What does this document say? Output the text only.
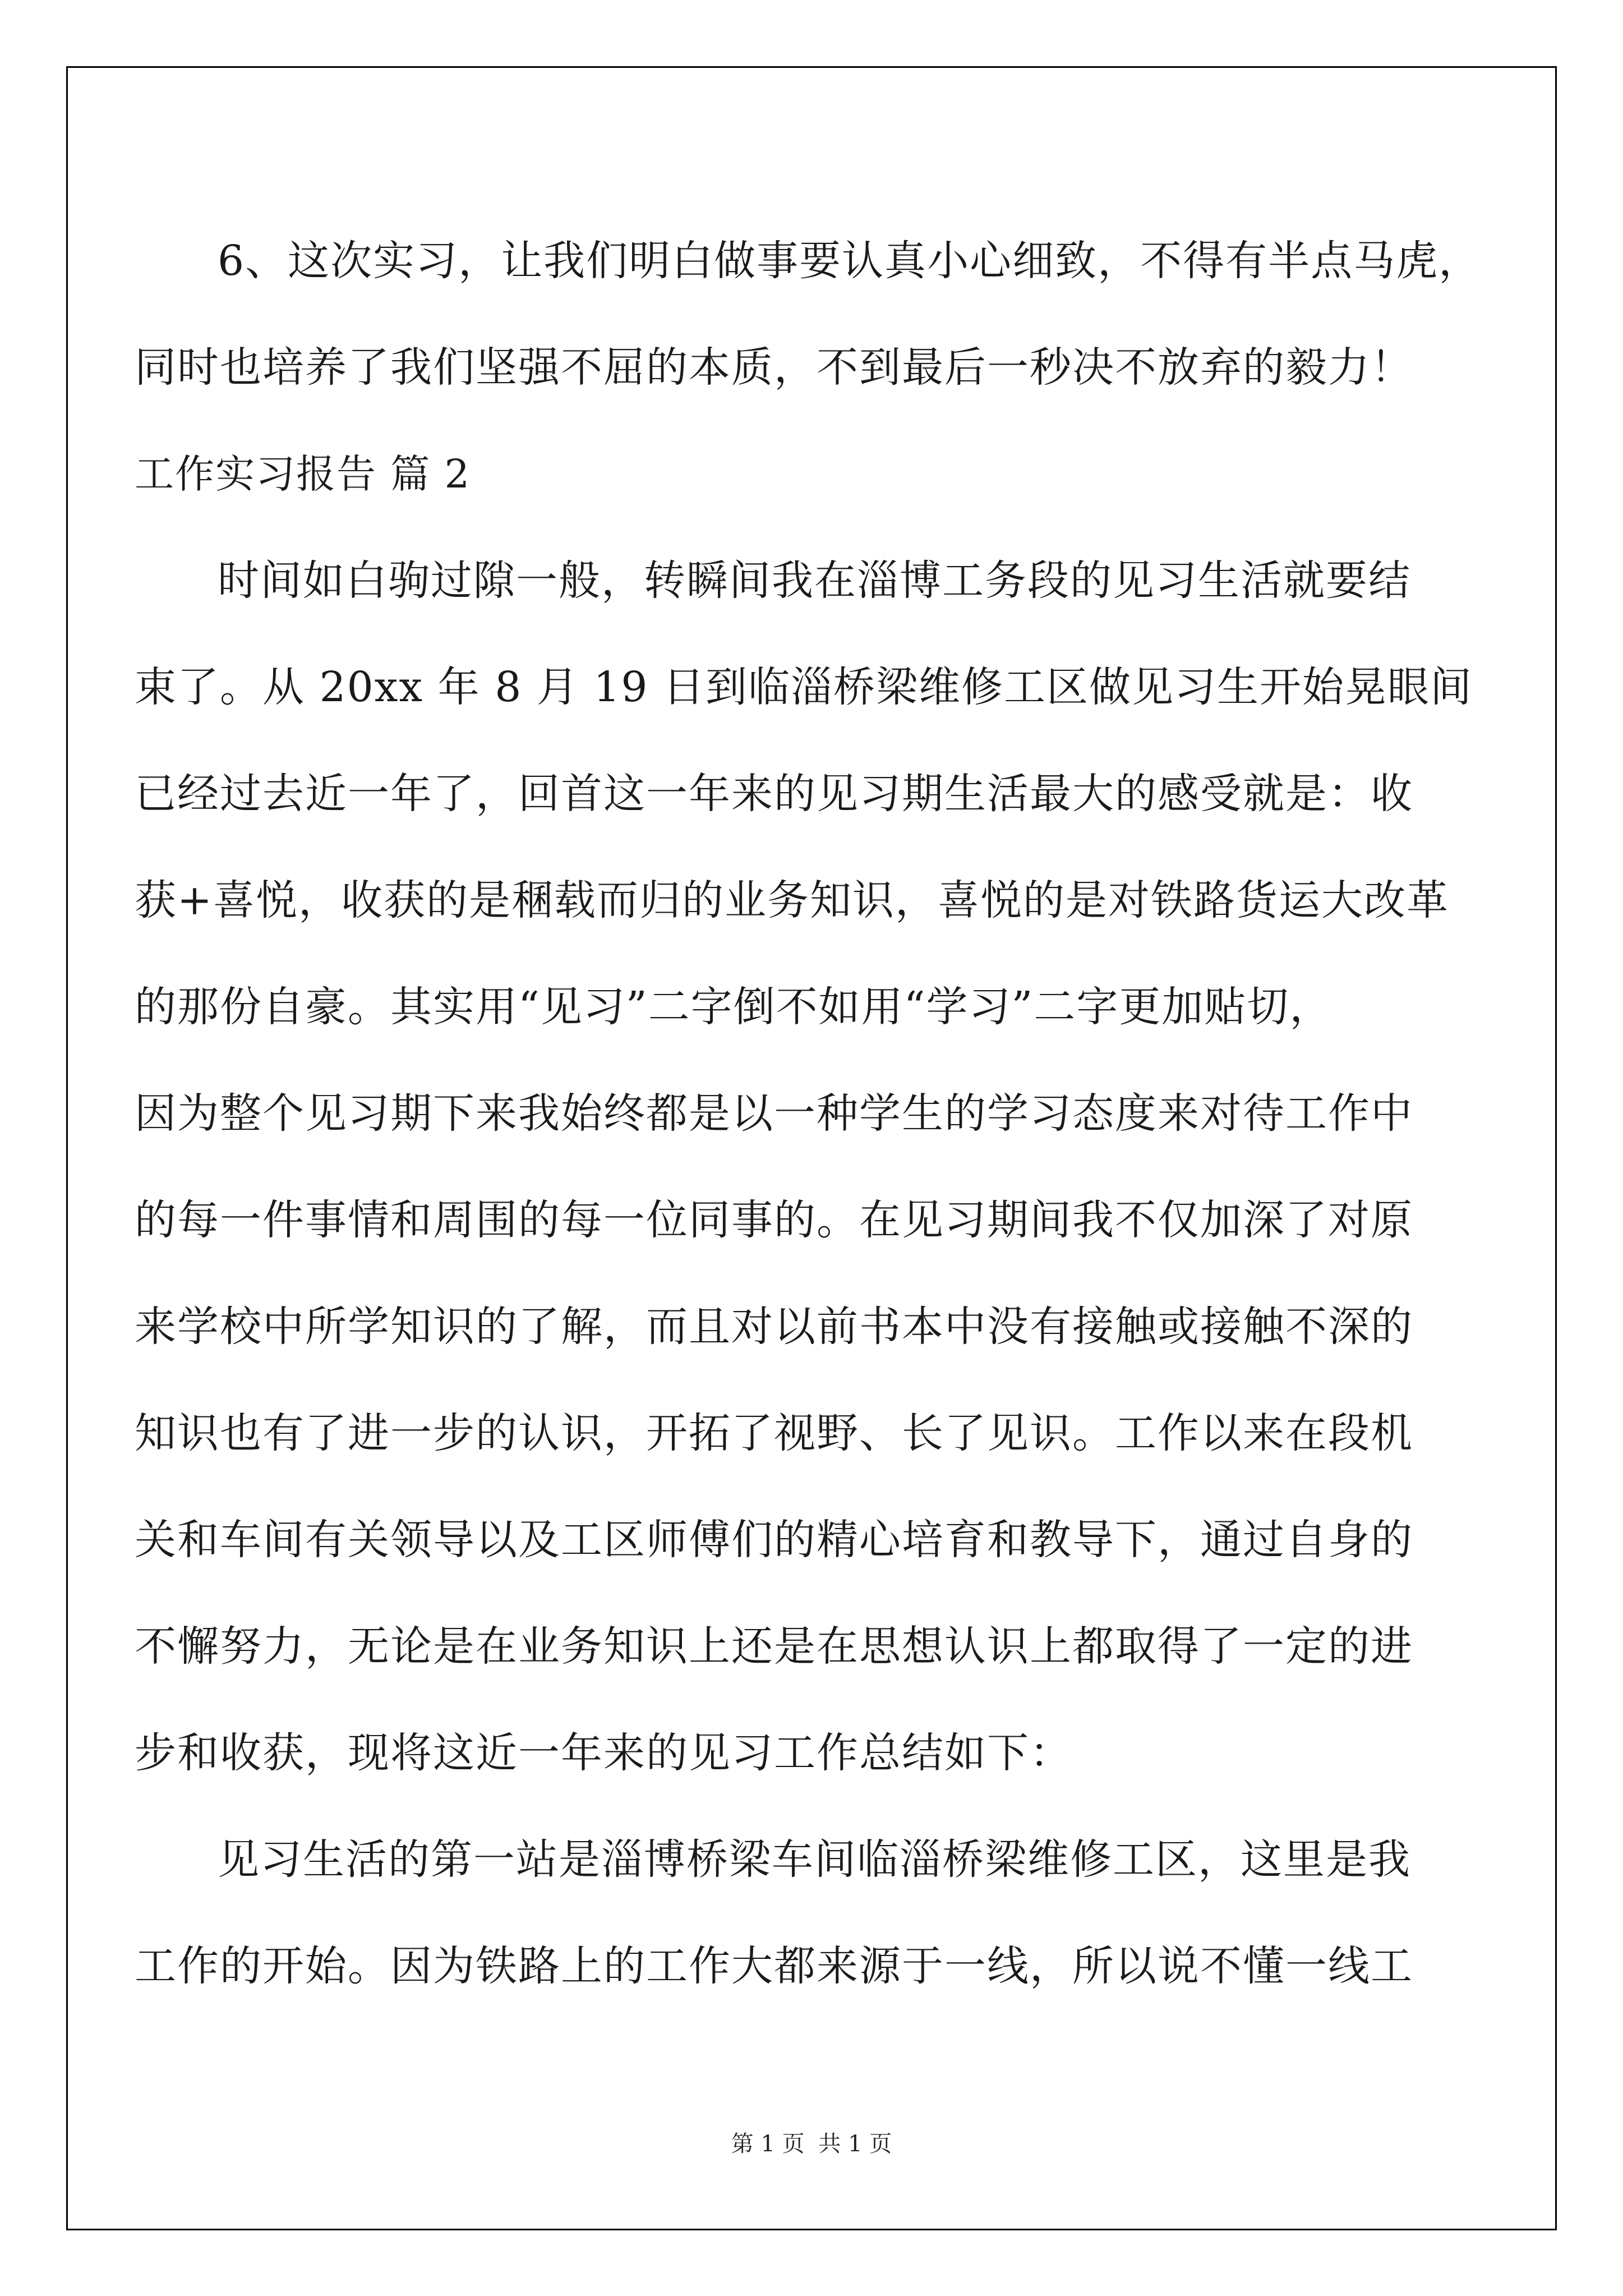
6、这次实习，让我们明白做事要认真小心细致，不得有半点马虎，
同时也培养了我们坚强不屈的本质，不到最后一秒决不放弃的毅力！
工作实习报告 篇 2
时间如白驹过隙一般，转瞬间我在淄博工务段的见习生活就要结
束了。从 20xx 年 8 月 19 日到临淄桥梁维修工区做见习生开始晃眼间
已经过去近一年了，回首这一年来的见习期生活最大的感受就是：收
获+喜悦，收获的是稛载而归的业务知识，喜悦的是对铁路货运大改革
的那份自豪。其实用“见习”二字倒不如用“学习”二字更加贴切，
因为整个见习期下来我始终都是以一种学生的学习态度来对待工作中
的每一件事情和周围的每一位同事的。在见习期间我不仅加深了对原
来学校中所学知识的了解，而且对以前书本中没有接触或接触不深的
知识也有了进一步的认识，开拓了视野、长了见识。工作以来在段机
关和车间有关领导以及工区师傅们的精心培育和教导下，通过自身的
不懈努力，无论是在业务知识上还是在思想认识上都取得了一定的进
步和收获，现将这近一年来的见习工作总结如下：
见习生活的第一站是淄博桥梁车间临淄桥梁维修工区，这里是我
工作的开始。因为铁路上的工作大都来源于一线，所以说不懂一线工
第 1 页 共 1 页
